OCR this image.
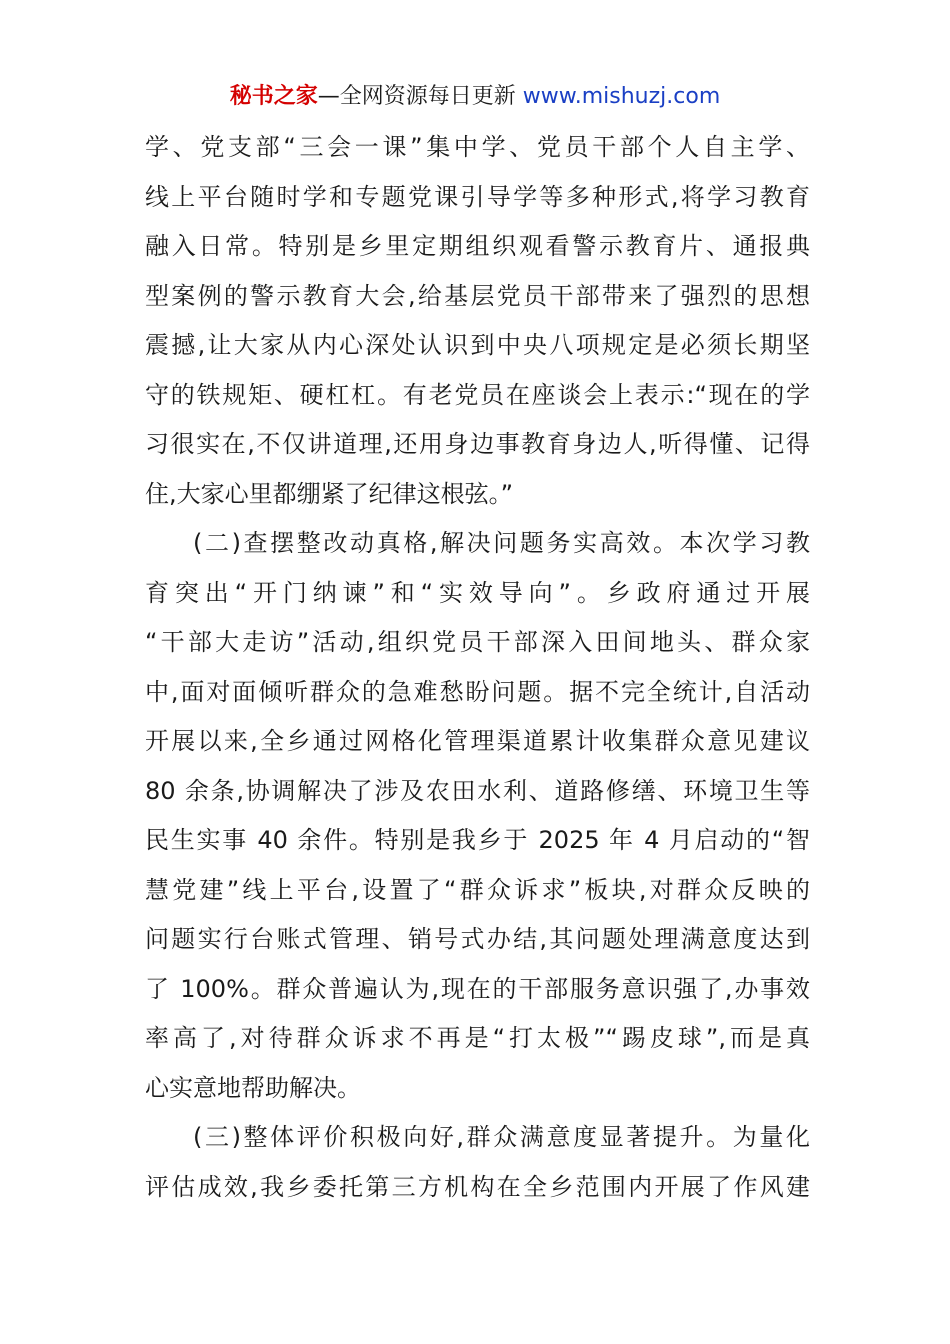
秘书之家—全网资源每日更新 www.mishuzj.com
学、党支部“三会一课”集中学、党员干部个人自主学、
线上平台随时学和专题党课引导学等多种形式,将学习教育
融入日常。特别是乡里定期组织观看警示教育片、通报典
型案例的警示教育大会,给基层党员干部带来了强烈的思想
震撼,让大家从内心深处认识到中央八项规定是必须长期坚
守的铁规矩、硬杠杠。有老党员在座谈会上表示:“现在的学
习很实在,不仅讲道理,还用身边事教育身边人,听得懂、记得
住,大家心里都绷紧了纪律这根弦。”
(二)查摆整改动真格,解决问题务实高效。本次学习教
育突出“开门纳谏”和“实效导向”。乡政府通过开展
“干部大走访”活动,组织党员干部深入田间地头、群众家
中,面对面倾听群众的急难愁盼问题。据不完全统计,自活动
开展以来,全乡通过网格化管理渠道累计收集群众意见建议
80 余条,协调解决了涉及农田水利、道路修缮、环境卫生等
民生实事 40 余件。特别是我乡于 2025 年 4 月启动的“智
慧党建”线上平台,设置了“群众诉求”板块,对群众反映的
问题实行台账式管理、销号式办结,其问题处理满意度达到
了 100%。群众普遍认为,现在的干部服务意识强了,办事效
率高了,对待群众诉求不再是“打太极”“踢皮球”,而是真
心实意地帮助解决。
(三)整体评价积极向好,群众满意度显著提升。为量化
评估成效,我乡委托第三方机构在全乡范围内开展了作风建
